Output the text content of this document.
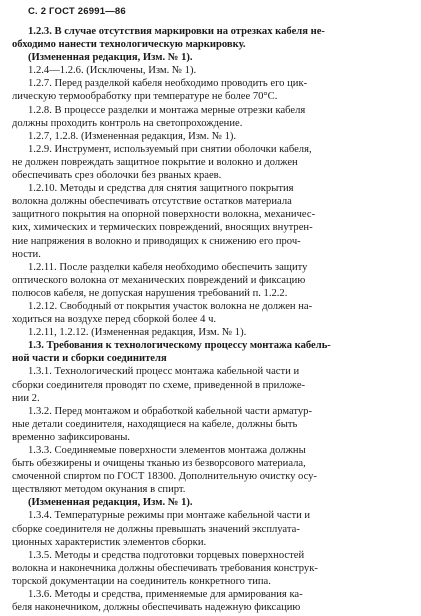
С. 2 ГОСТ 26991—86
1.2.3. В случае отсутствия маркировки на отрезках кабеля не-
обходимо нанести технологическую маркировку.
(Измененная редакция, Изм. № 1).
1.2.4—1.2.6. (Исключены, Изм. № 1).
1.2.7. Перед разделкой кабеля необходимо проводить его цик-
лическую термообработку при температуре не более 70°С.
1.2.8. В процессе разделки и монтажа мерные отрезки кабеля
должны проходить контроль на светопрохождение.
1.2.7, 1.2.8. (Измененная редакция, Изм. № 1).
1.2.9. Инструмент, используемый при снятии оболочки кабеля,
не должен повреждать защитное покрытие и волокно и должен
обеспечивать срез оболочки без рваных краев.
1.2.10. Методы и средства для снятия защитного покрытия
волокна должны обеспечивать отсутствие остатков материала
защитного покрытия на опорной поверхности волокна, механичес-
ких, химических и термических повреждений, вносящих внутрен-
ние напряжения в волокно и приводящих к снижению его проч-
ности.
1.2.11. После разделки кабеля необходимо обеспечить защиту
оптического волокна от механических повреждений и фиксацию
полюсов кабеля, не допуская нарушения требований п. 1.2.2.
1.2.12. Свободный от покрытия участок волокна не должен на-
ходиться на воздухе перед сборкой более 4 ч.
1.2.11, 1.2.12. (Измененная редакция, Изм. № 1).
1.3. Требования к технологическому процессу монтажа кабель-
ной части и сборки соединителя
1.3.1. Технологический процесс монтажа кабельной части и
сборки соединителя проводят по схеме, приведенной в приложе-
нии 2.
1.3.2. Перед монтажом и обработкой кабельной части арматур-
ные детали соединителя, находящиеся на кабеле, должны быть
временно зафиксированы.
1.3.3. Соединяемые поверхности элементов монтажа должны
быть обезжирены и очищены тканью из безворсового материала,
смоченной спиртом по ГОСТ 18300. Дополнительную очистку осу-
ществляют методом окунания в спирт.
(Измененная редакция, Изм. № 1).
1.3.4. Температурные режимы при монтаже кабельной части и
сборке соединителя не должны превышать значений эксплуата-
ционных характеристик элементов сборки.
1.3.5. Методы и средства подготовки торцевых поверхностей
волокна и наконечника должны обеспечивать требования конструк-
торской документации на соединитель конкретного типа.
1.3.6. Методы и средства, применяемые для армирования ка-
беля наконечником, должны обеспечивать надежную фиксацию
